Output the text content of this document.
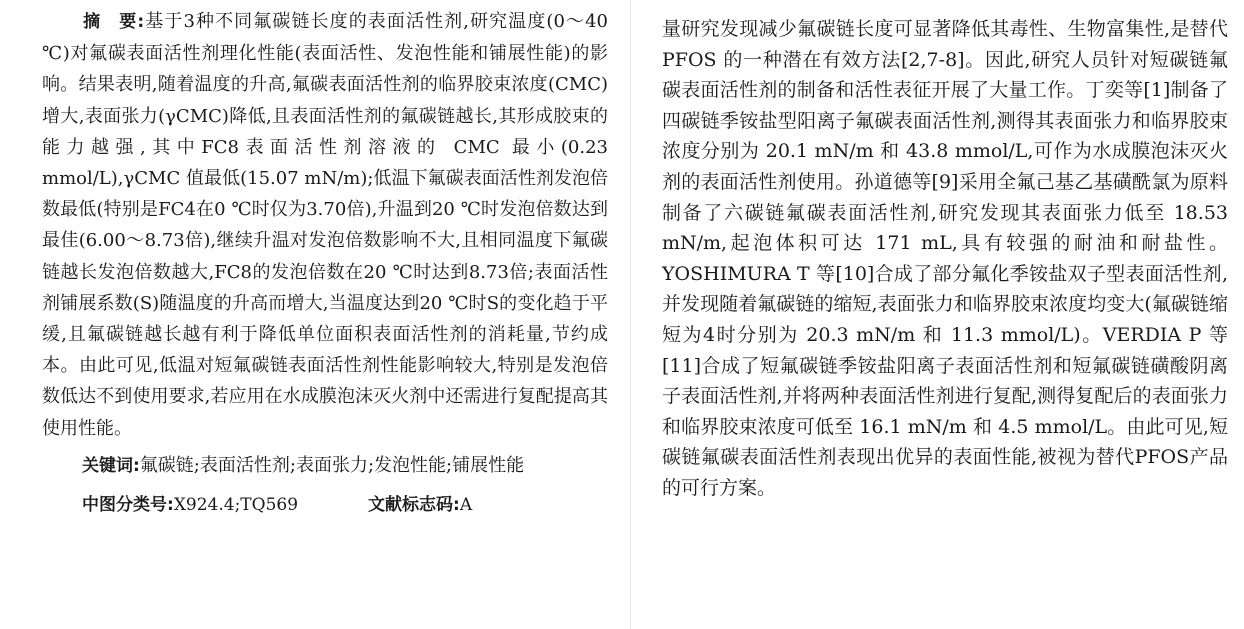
摘　要:基于3种不同氟碳链长度的表面活性剂,研究温度(0～40 ℃)对氟碳表面活性剂理化性能(表面活性、发泡性能和铺展性能)的影响。结果表明,随着温度的升高,氟碳表面活性剂的临界胶束浓度(CMC)增大,表面张力(γCMC)降低,且表面活性剂的氟碳链越长,其形成胶束的能力越强,其中FC8表面活性剂溶液的 CMC 最小(0.23 mmol/L),γCMC 值最低(15.07 mN/m);低温下氟碳表面活性剂发泡倍数最低(特别是FC4在0 ℃时仅为3.70倍),升温到20 ℃时发泡倍数达到最佳(6.00～8.73倍),继续升温对发泡倍数影响不大,且相同温度下氟碳链越长发泡倍数越大,FC8的发泡倍数在20 ℃时达到8.73倍;表面活性剂铺展系数(S)随温度的升高而增大,当温度达到20 ℃时S的变化趋于平缓,且氟碳链越长越有利于降低单位面积表面活性剂的消耗量,节约成本。由此可见,低温对短氟碳链表面活性剂性能影响较大,特别是发泡倍数低达不到使用要求,若应用在水成膜泡沫灭火剂中还需进行复配提高其使用性能。
关键词:氟碳链;表面活性剂;表面张力;发泡性能;铺展性能
中图分类号:X924.4;TQ569	文献标志码:A
量研究发现减少氟碳链长度可显著降低其毒性、生物富集性,是替代 PFOS 的一种潜在有效方法[2,7-8]。因此,研究人员针对短碳链氟碳表面活性剂的制备和活性表征开展了大量工作。丁奕等[1]制备了四碳链季铵盐型阳离子氟碳表面活性剂,测得其表面张力和临界胶束浓度分别为 20.1 mN/m 和 43.8 mmol/L,可作为水成膜泡沫灭火剂的表面活性剂使用。孙道德等[9]采用全氟己基乙基磺酰氯为原料制备了六碳链氟碳表面活性剂,研究发现其表面张力低至 18.53 mN/m,起泡体积可达 171 mL,具有较强的耐油和耐盐性。YOSHIMURA T 等[10]合成了部分氟化季铵盐双子型表面活性剂,并发现随着氟碳链的缩短,表面张力和临界胶束浓度均变大(氟碳链缩短为4时分别为 20.3 mN/m 和 11.3 mmol/L)。VERDIA P 等[11]合成了短氟碳链季铵盐阳离子表面活性剂和短氟碳链磺酸阴离子表面活性剂,并将两种表面活性剂进行复配,测得复配后的表面张力和临界胶束浓度可低至 16.1 mN/m 和 4.5 mmol/L。由此可见,短碳链氟碳表面活性剂表现出优异的表面性能,被视为替代PFOS产品的可行方案。
